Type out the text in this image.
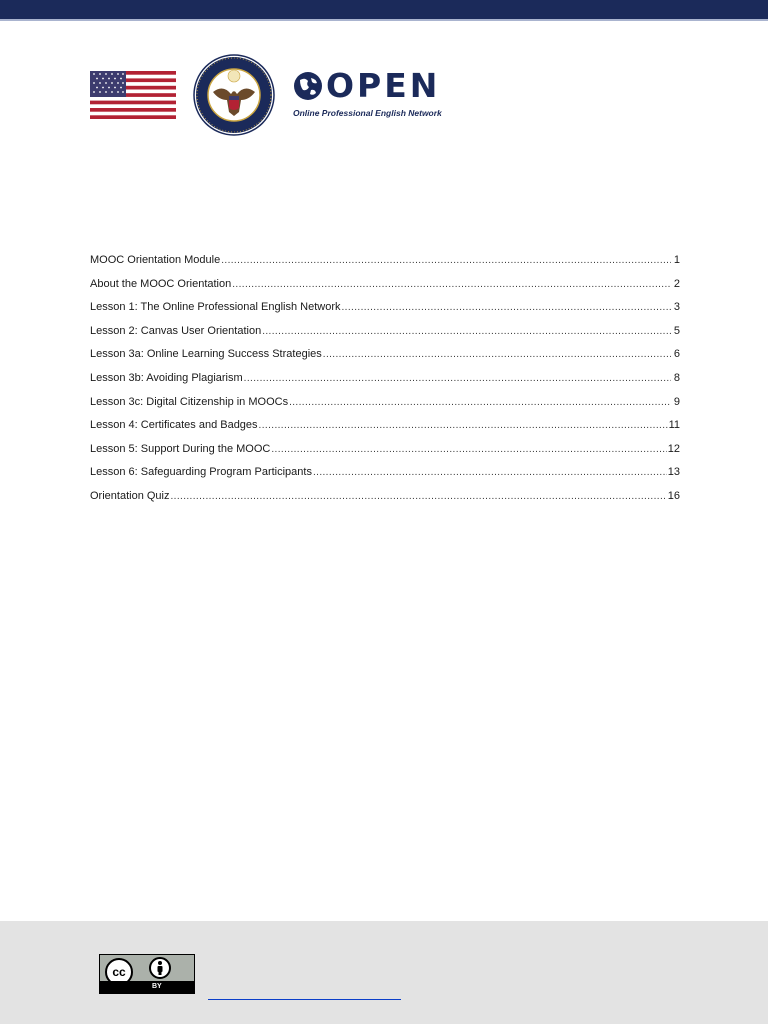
OPEN
Online Professional English Network
MOOC Orientation Module .....	1
About the MOOC Orientation .....	2
Lesson 1: The Online Professional English Network .....	3
Lesson 2: Canvas User Orientation .....	5
Lesson 3a: Online Learning Success Strategies .....	6
Lesson 3b: Avoiding Plagiarism .....	8
Lesson 3c: Digital Citizenship in MOOCs .....	9
Lesson 4: Certificates and Badges .....	11
Lesson 5: Support During the MOOC .....	12
Lesson 6: Safeguarding Program Participants .....	13
Orientation Quiz .....	16
cc
BY
